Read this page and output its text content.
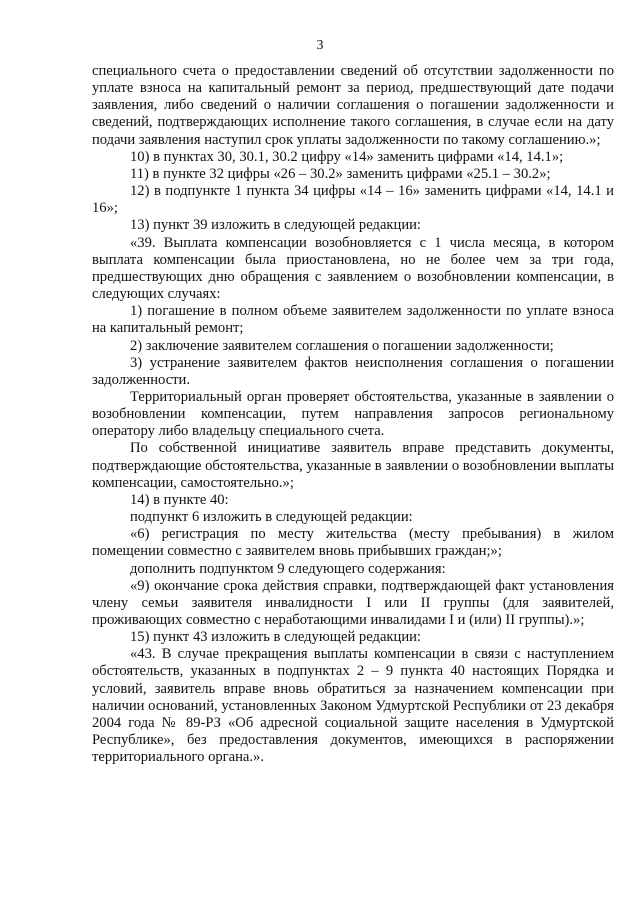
3

специального счета о предоставлении сведений об отсутствии задолженности по уплате взноса на капитальный ремонт за период, предшествующий дате подачи заявления, либо сведений о наличии соглашения о погашении задолженности и сведений, подтверждающих исполнение такого соглашения, в случае если на дату подачи заявления наступил срок уплаты задолженности по такому соглашению.»;

10) в пунктах 30, 30.1, 30.2 цифру «14» заменить цифрами «14, 14.1»;

11) в пункте 32 цифры «26 – 30.2» заменить цифрами «25.1 – 30.2»;

12) в подпункте 1 пункта 34 цифры «14 – 16» заменить цифрами «14, 14.1 и 16»;

13) пункт 39 изложить в следующей редакции:

«39. Выплата компенсации возобновляется с 1 числа месяца, в котором выплата компенсации была приостановлена, но не более чем за три года, предшествующих дню обращения с заявлением о возобновлении компенсации, в следующих случаях:

1) погашение в полном объеме заявителем задолженности по уплате взноса на капитальный ремонт;

2) заключение заявителем соглашения о погашении задолженности;

3) устранение заявителем фактов неисполнения соглашения о погашении задолженности.

Территориальный орган проверяет обстоятельства, указанные в заявлении о возобновлении компенсации, путем направления запросов региональному оператору либо владельцу специального счета.

По собственной инициативе заявитель вправе представить документы, подтверждающие обстоятельства, указанные в заявлении о возобновлении выплаты компенсации, самостоятельно.»;

14) в пункте 40:

подпункт 6 изложить в следующей редакции:

«6) регистрация по месту жительства (месту пребывания) в жилом помещении совместно с заявителем вновь прибывших граждан;»;

дополнить подпунктом 9 следующего содержания:

«9) окончание срока действия справки, подтверждающей факт установления члену семьи заявителя инвалидности I или II группы (для заявителей, проживающих совместно с неработающими инвалидами I и (или) II группы).»;

15) пункт 43 изложить в следующей редакции:

«43. В случае прекращения выплаты компенсации в связи с наступлением обстоятельств, указанных в подпунктах 2 – 9 пункта 40 настоящих Порядка и условий, заявитель вправе вновь обратиться за назначением компенсации при наличии оснований, установленных Законом Удмуртской Республики от 23 декабря 2004 года № 89-РЗ «Об адресной социальной защите населения в Удмуртской Республике», без предоставления документов, имеющихся в распоряжении территориального органа.».
